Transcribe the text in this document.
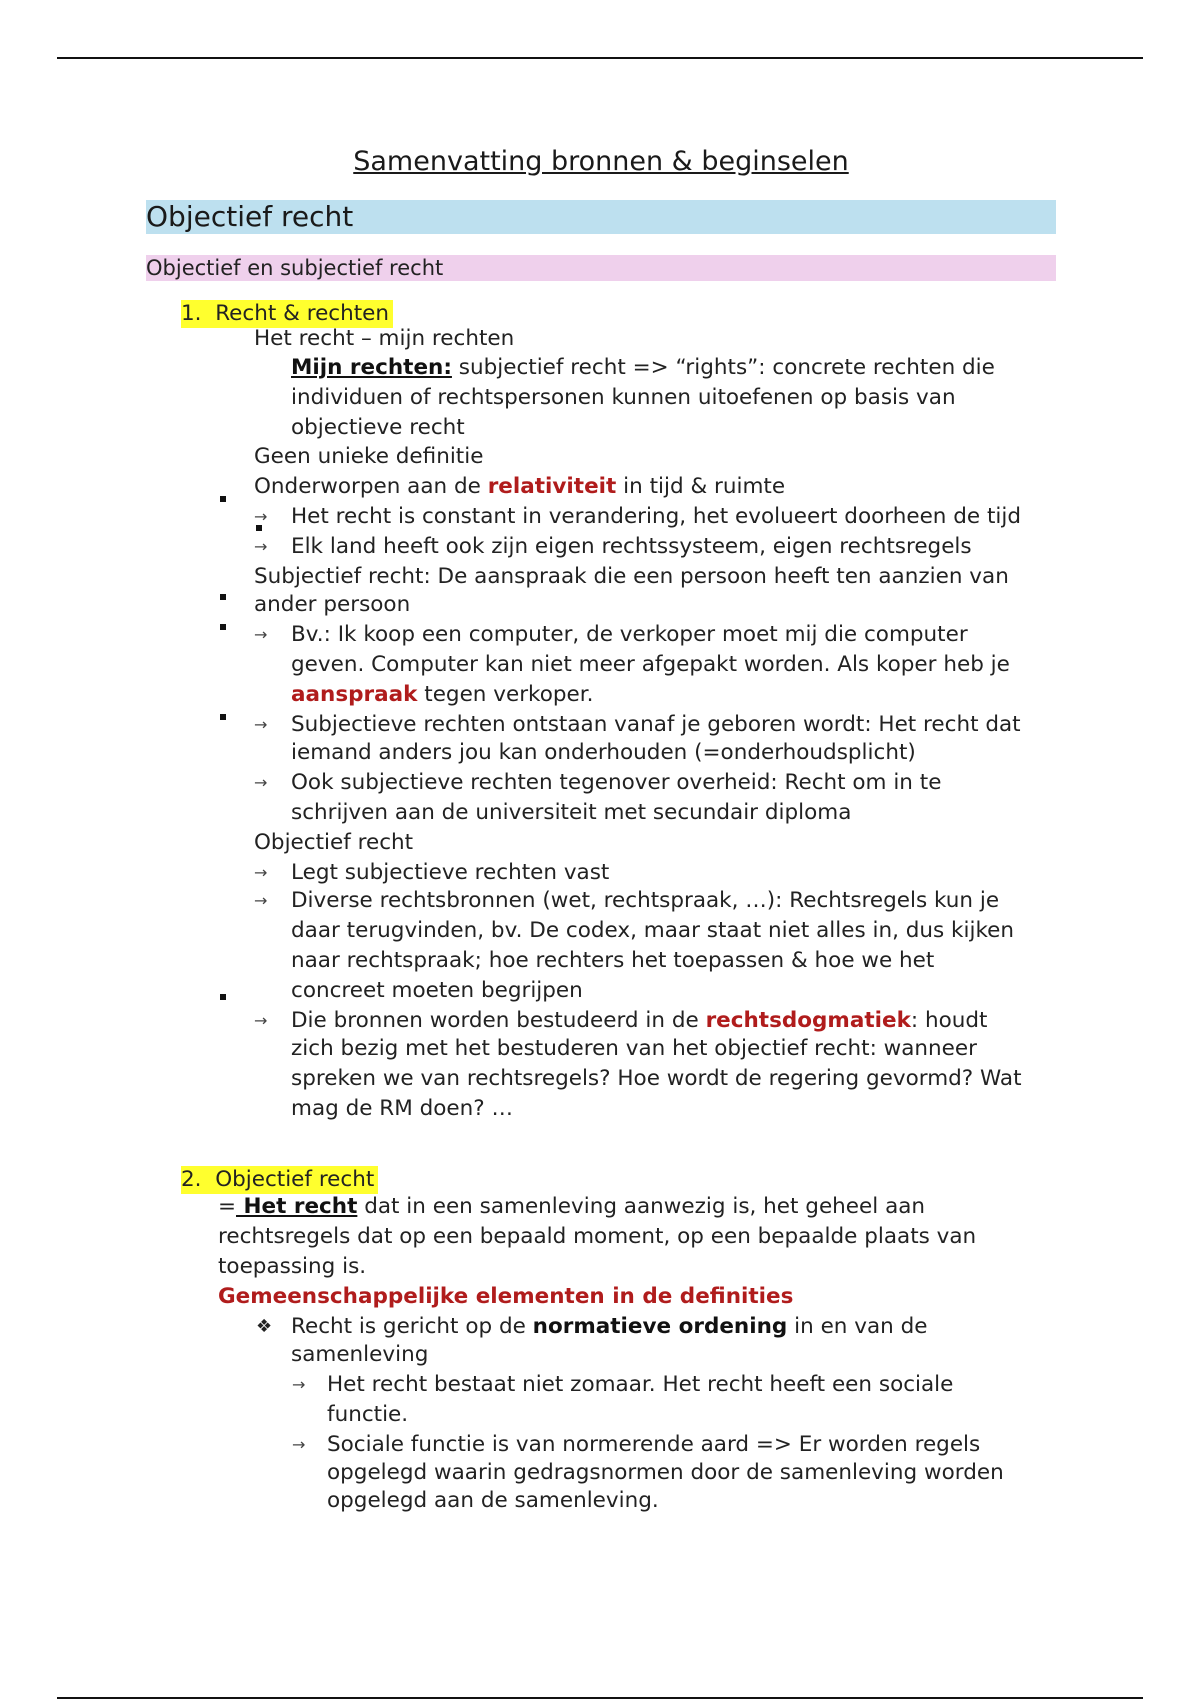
Samenvatting bronnen & beginselen
Objectief recht
Objectief en subjectief recht
1. Recht & rechten
Het recht – mijn rechten
Mijn rechten: subjectief recht => “rights”: concrete rechten die
individuen of rechtspersonen kunnen uitoefenen op basis van
objectieve recht
Geen unieke definitie
Onderworpen aan de relativiteit in tijd & ruimte
→ Het recht is constant in verandering, het evolueert doorheen de tijd
→ Elk land heeft ook zijn eigen rechtssysteem, eigen rechtsregels
Subjectief recht: De aanspraak die een persoon heeft ten aanzien van
ander persoon
→ Bv.: Ik koop een computer, de verkoper moet mij die computer
geven. Computer kan niet meer afgepakt worden. Als koper heb je
aanspraak tegen verkoper.
→ Subjectieve rechten ontstaan vanaf je geboren wordt: Het recht dat
iemand anders jou kan onderhouden (=onderhoudsplicht)
→ Ook subjectieve rechten tegenover overheid: Recht om in te
schrijven aan de universiteit met secundair diploma
Objectief recht
→ Legt subjectieve rechten vast
→ Diverse rechtsbronnen (wet, rechtspraak, …): Rechtsregels kun je
daar terugvinden, bv. De codex, maar staat niet alles in, dus kijken
naar rechtspraak; hoe rechters het toepassen & hoe we het
concreet moeten begrijpen
→ Die bronnen worden bestudeerd in de rechtsdogmatiek: houdt
zich bezig met het bestuderen van het objectief recht: wanneer
spreken we van rechtsregels? Hoe wordt de regering gevormd? Wat
mag de RM doen? …
2. Objectief recht
= Het recht dat in een samenleving aanwezig is, het geheel aan
rechtsregels dat op een bepaald moment, op een bepaalde plaats van
toepassing is.
Gemeenschappelijke elementen in de definities
❖ Recht is gericht op de normatieve ordening in en van de
samenleving
→ Het recht bestaat niet zomaar. Het recht heeft een sociale
functie.
→ Sociale functie is van normerende aard => Er worden regels
opgelegd waarin gedragsnormen door de samenleving worden
opgelegd aan de samenleving.
